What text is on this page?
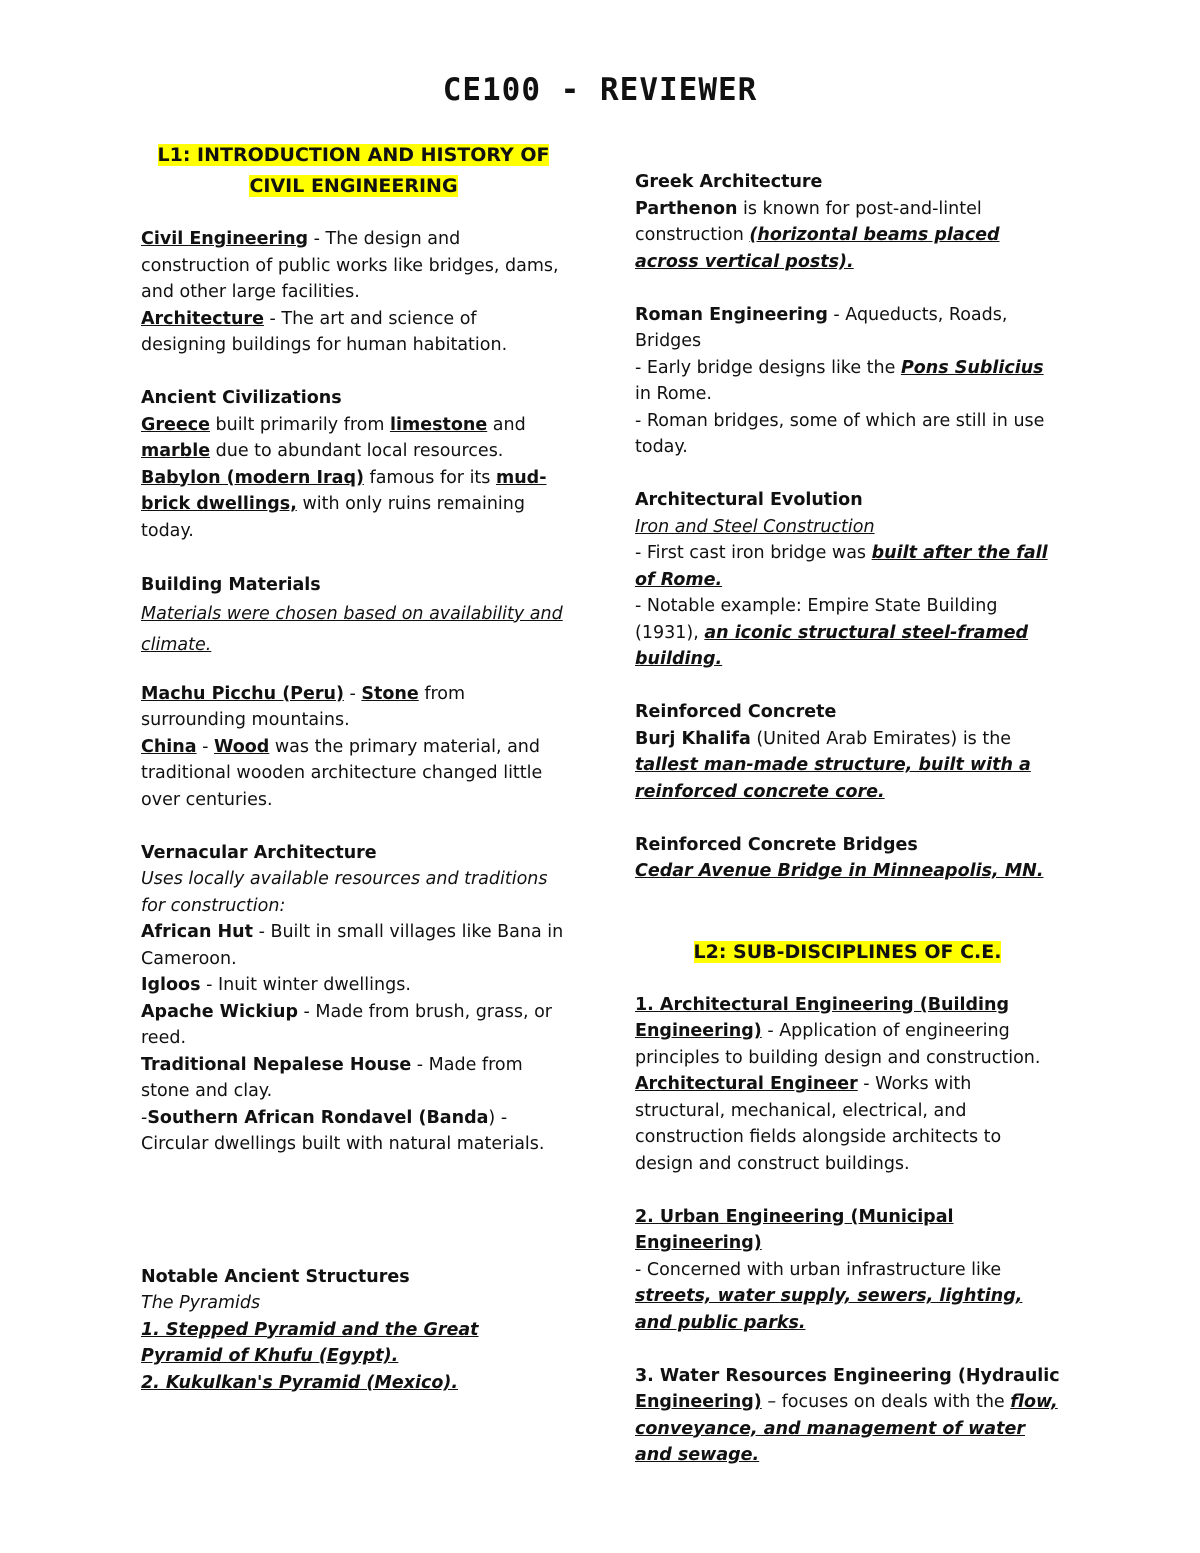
CE100 - REVIEWER

L1: INTRODUCTION AND HISTORY OF CIVIL ENGINEERING

Civil Engineering - The design and construction of public works like bridges, dams, and other large facilities.

Architecture - The art and science of designing buildings for human habitation.

Ancient Civilizations

Greece built primarily from limestone and marble due to abundant local resources.

Babylon (modern Iraq) famous for its mud-brick dwellings, with only ruins remaining today.

Building Materials

Materials were chosen based on availability and climate.

Machu Picchu (Peru) - Stone from surrounding mountains.

China - Wood was the primary material, and traditional wooden architecture changed little over centuries.

Vernacular Architecture

Uses locally available resources and traditions for construction:

African Hut - Built in small villages like Bana in Cameroon.

Igloos - Inuit winter dwellings.

Apache Wickiup - Made from brush, grass, or reed.

Traditional Nepalese House - Made from stone and clay.

-Southern African Rondavel (Banda) - Circular dwellings built with natural materials.

Notable Ancient Structures

The Pyramids

1. Stepped Pyramid and the Great Pyramid of Khufu (Egypt).

2. Kukulkan's Pyramid (Mexico).

Greek Architecture

Parthenon is known for post-and-lintel construction (horizontal beams placed across vertical posts).

Roman Engineering - Aqueducts, Roads, Bridges

- Early bridge designs like the Pons Sublicius in Rome.

- Roman bridges, some of which are still in use today.

Architectural Evolution

Iron and Steel Construction

- First cast iron bridge was built after the fall of Rome.

- Notable example: Empire State Building (1931), an iconic structural steel-framed building.

Reinforced Concrete

Burj Khalifa (United Arab Emirates) is the tallest man-made structure, built with a reinforced concrete core.

Reinforced Concrete Bridges

Cedar Avenue Bridge in Minneapolis, MN.

L2: SUB-DISCIPLINES OF C.E.

1. Architectural Engineering (Building Engineering) - Application of engineering principles to building design and construction.

Architectural Engineer - Works with structural, mechanical, electrical, and construction fields alongside architects to design and construct buildings.

2. Urban Engineering (Municipal Engineering)

- Concerned with urban infrastructure like streets, water supply, sewers, lighting, and public parks.

3. Water Resources Engineering (Hydraulic Engineering) – focuses on deals with the flow, conveyance, and management of water and sewage.
